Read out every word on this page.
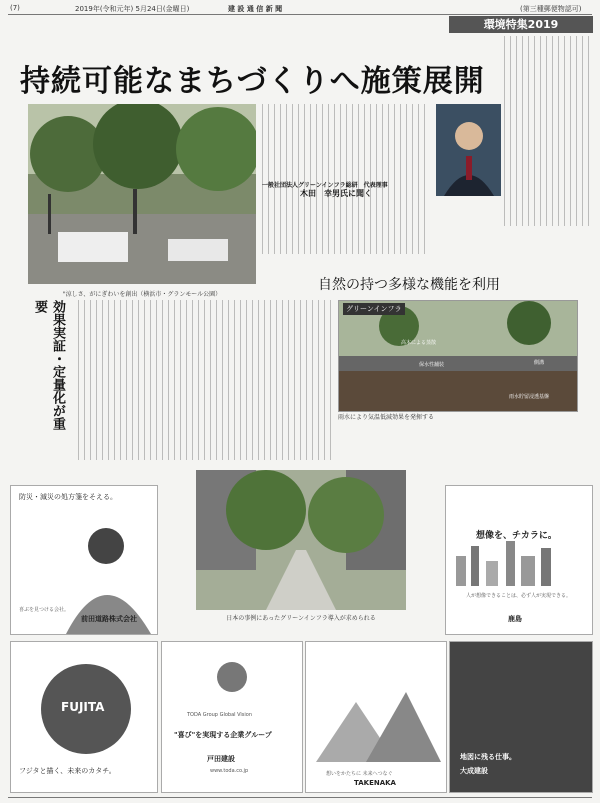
(7)	2019年(令和元年) 5月24日(金曜日)	建 設 通 信 新 聞	(第三種郵便物認可)
環境特集2019
持続可能なまちづくりへ施策展開
"涼しさ、がにぎわいを創出（横浜市・グランモール公園）
一般社団法人グリーンインフラ総研　代表理事
木田　幸男氏に聞く
自然の持つ多様な機能を利用
効果実証・定量化が重要	グリーンインフラ
高木による蒸散
保水性舗装	側溝
雨水貯留浸透基盤
雨水により気温低減効果を発揮する
日本の事例にあったグリーンインフラ導入が求められる
防災・減災の処方箋をそえる。
喜ぶを見つける会社。
前田道路株式会社
想像を、チカラに。
人が想像できることは、必ず人が実現できる。
鹿島
FUJITA
フジタと描く、未来のカタチ。
TODA Group Global Vision
"喜び"を実現する企業グループ
戸田建設
www.toda.co.jp	想いをかたちに 未来へつなぐ
TAKENAKA
地図に残る仕事。
大成建設
